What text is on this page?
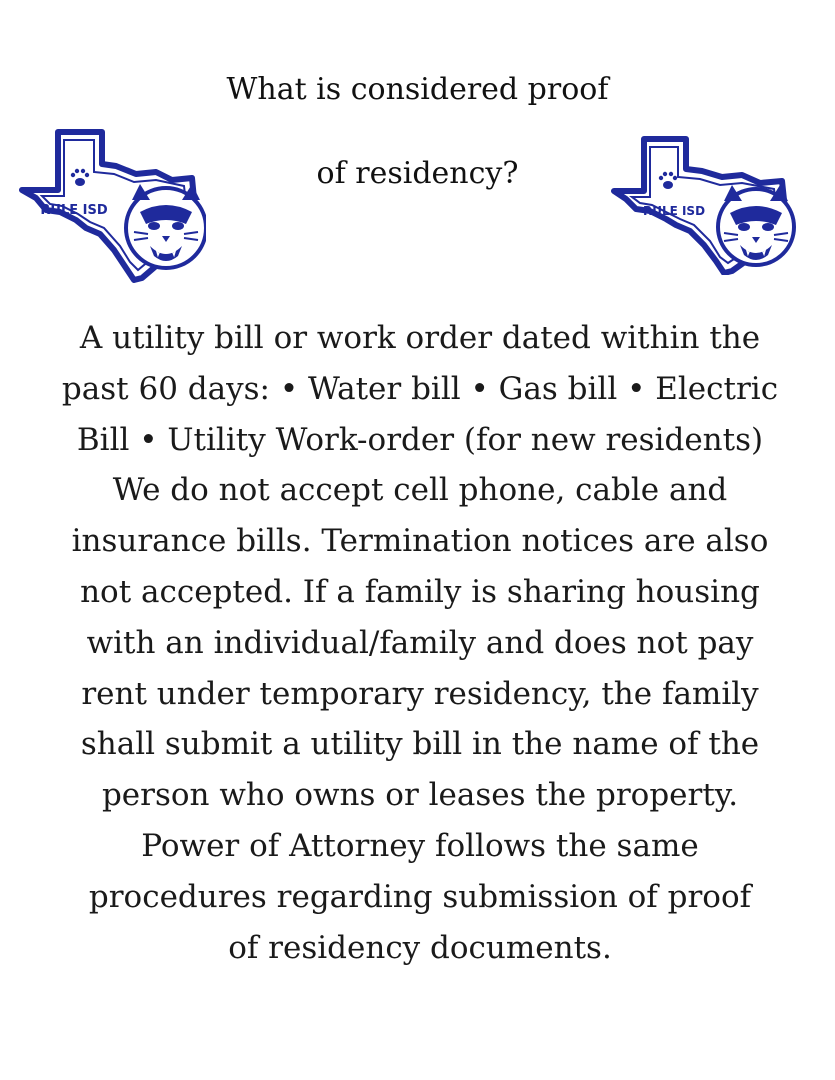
What is considered proof
of residency?
RULE ISD	RULE ISD
A utility bill or work order dated within the
past 60 days: • Water bill • Gas bill • Electric
Bill • Utility Work-order (for new residents)
We do not accept cell phone, cable and
insurance bills. Termination notices are also
not accepted. If a family is sharing housing
with an individual/family and does not pay
rent under temporary residency, the family
shall submit a utility bill in the name of the
person who owns or leases the property.
Power of Attorney follows the same
procedures regarding submission of proof
of residency documents.
